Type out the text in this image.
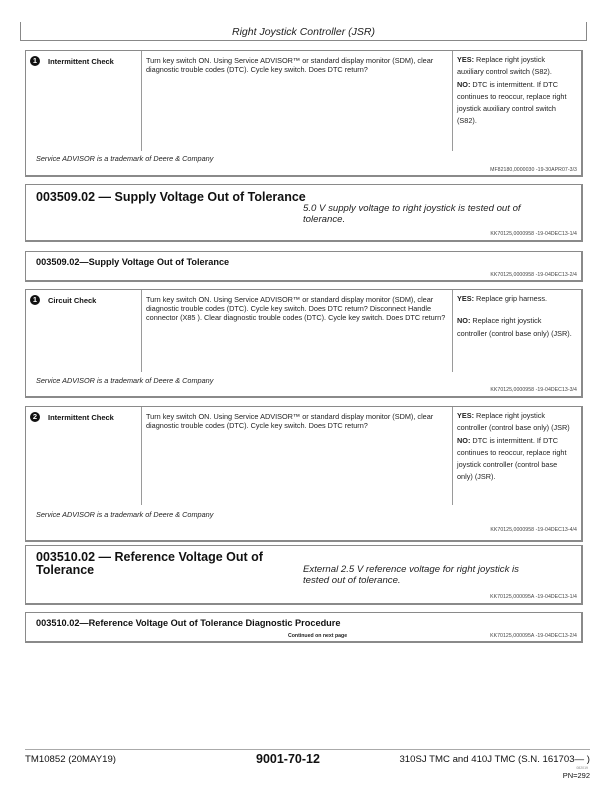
Right Joystick Controller (JSR)
1	Intermittent Check	Turn key switch ON. Using Service ADVISOR™ or standard display monitor (SDM), clear diagnostic trouble codes (DTC). Cycle key switch. Does DTC return?

YES: Replace right joystick auxiliary control switch (S82).

NO: DTC is intermittent. If DTC continues to reoccur, replace right joystick auxiliary control switch (S82).

Service ADVISOR is a trademark of Deere & Company
MF82180,0000030 -19-30APR07-3/3
003509.02 — Supply Voltage Out of Tolerance
5.0 V supply voltage to right joystick is tested out of tolerance.
KK70125,0000958 -19-04DEC13-1/4
003509.02—Supply Voltage Out of Tolerance
KK70125,0000958 -19-04DEC13-2/4
1	Circuit Check	Turn key switch ON. Using Service ADVISOR™ or standard display monitor (SDM), clear diagnostic trouble codes (DTC). Cycle key switch. Does DTC return? Disconnect Handle connector (X85 ). Clear diagnostic trouble codes (DTC). Cycle key switch. Does DTC return?

YES: Replace grip harness.

NO: Replace right joystick controller (control base only) (JSR).

Service ADVISOR is a trademark of Deere & Company
KK70125,0000958 -19-04DEC13-3/4
2	Intermittent Check	Turn key switch ON. Using Service ADVISOR™ or standard display monitor (SDM), clear diagnostic trouble codes (DTC). Cycle key switch. Does DTC return?

YES: Replace right joystick controller (control base only) (JSR)

NO: DTC is intermittent. If DTC continues to reoccur, replace right joystick controller (control base only) (JSR).

Service ADVISOR is a trademark of Deere & Company
KK70125,0000958 -19-04DEC13-4/4
003510.02 — Reference Voltage Out of
Tolerance	External 2.5 V reference voltage for right joystick is tested out of tolerance.
KK70125,000095A -19-04DEC13-1/4
003510.02—Reference Voltage Out of Tolerance Diagnostic Procedure
Continued on next page	KK70125,000095A -19-04DEC13-2/4
TM10852 (20MAY19)	9001-70-12	310SJ TMC and 410J TMC (S.N. 161703— )
082019
PN=292
